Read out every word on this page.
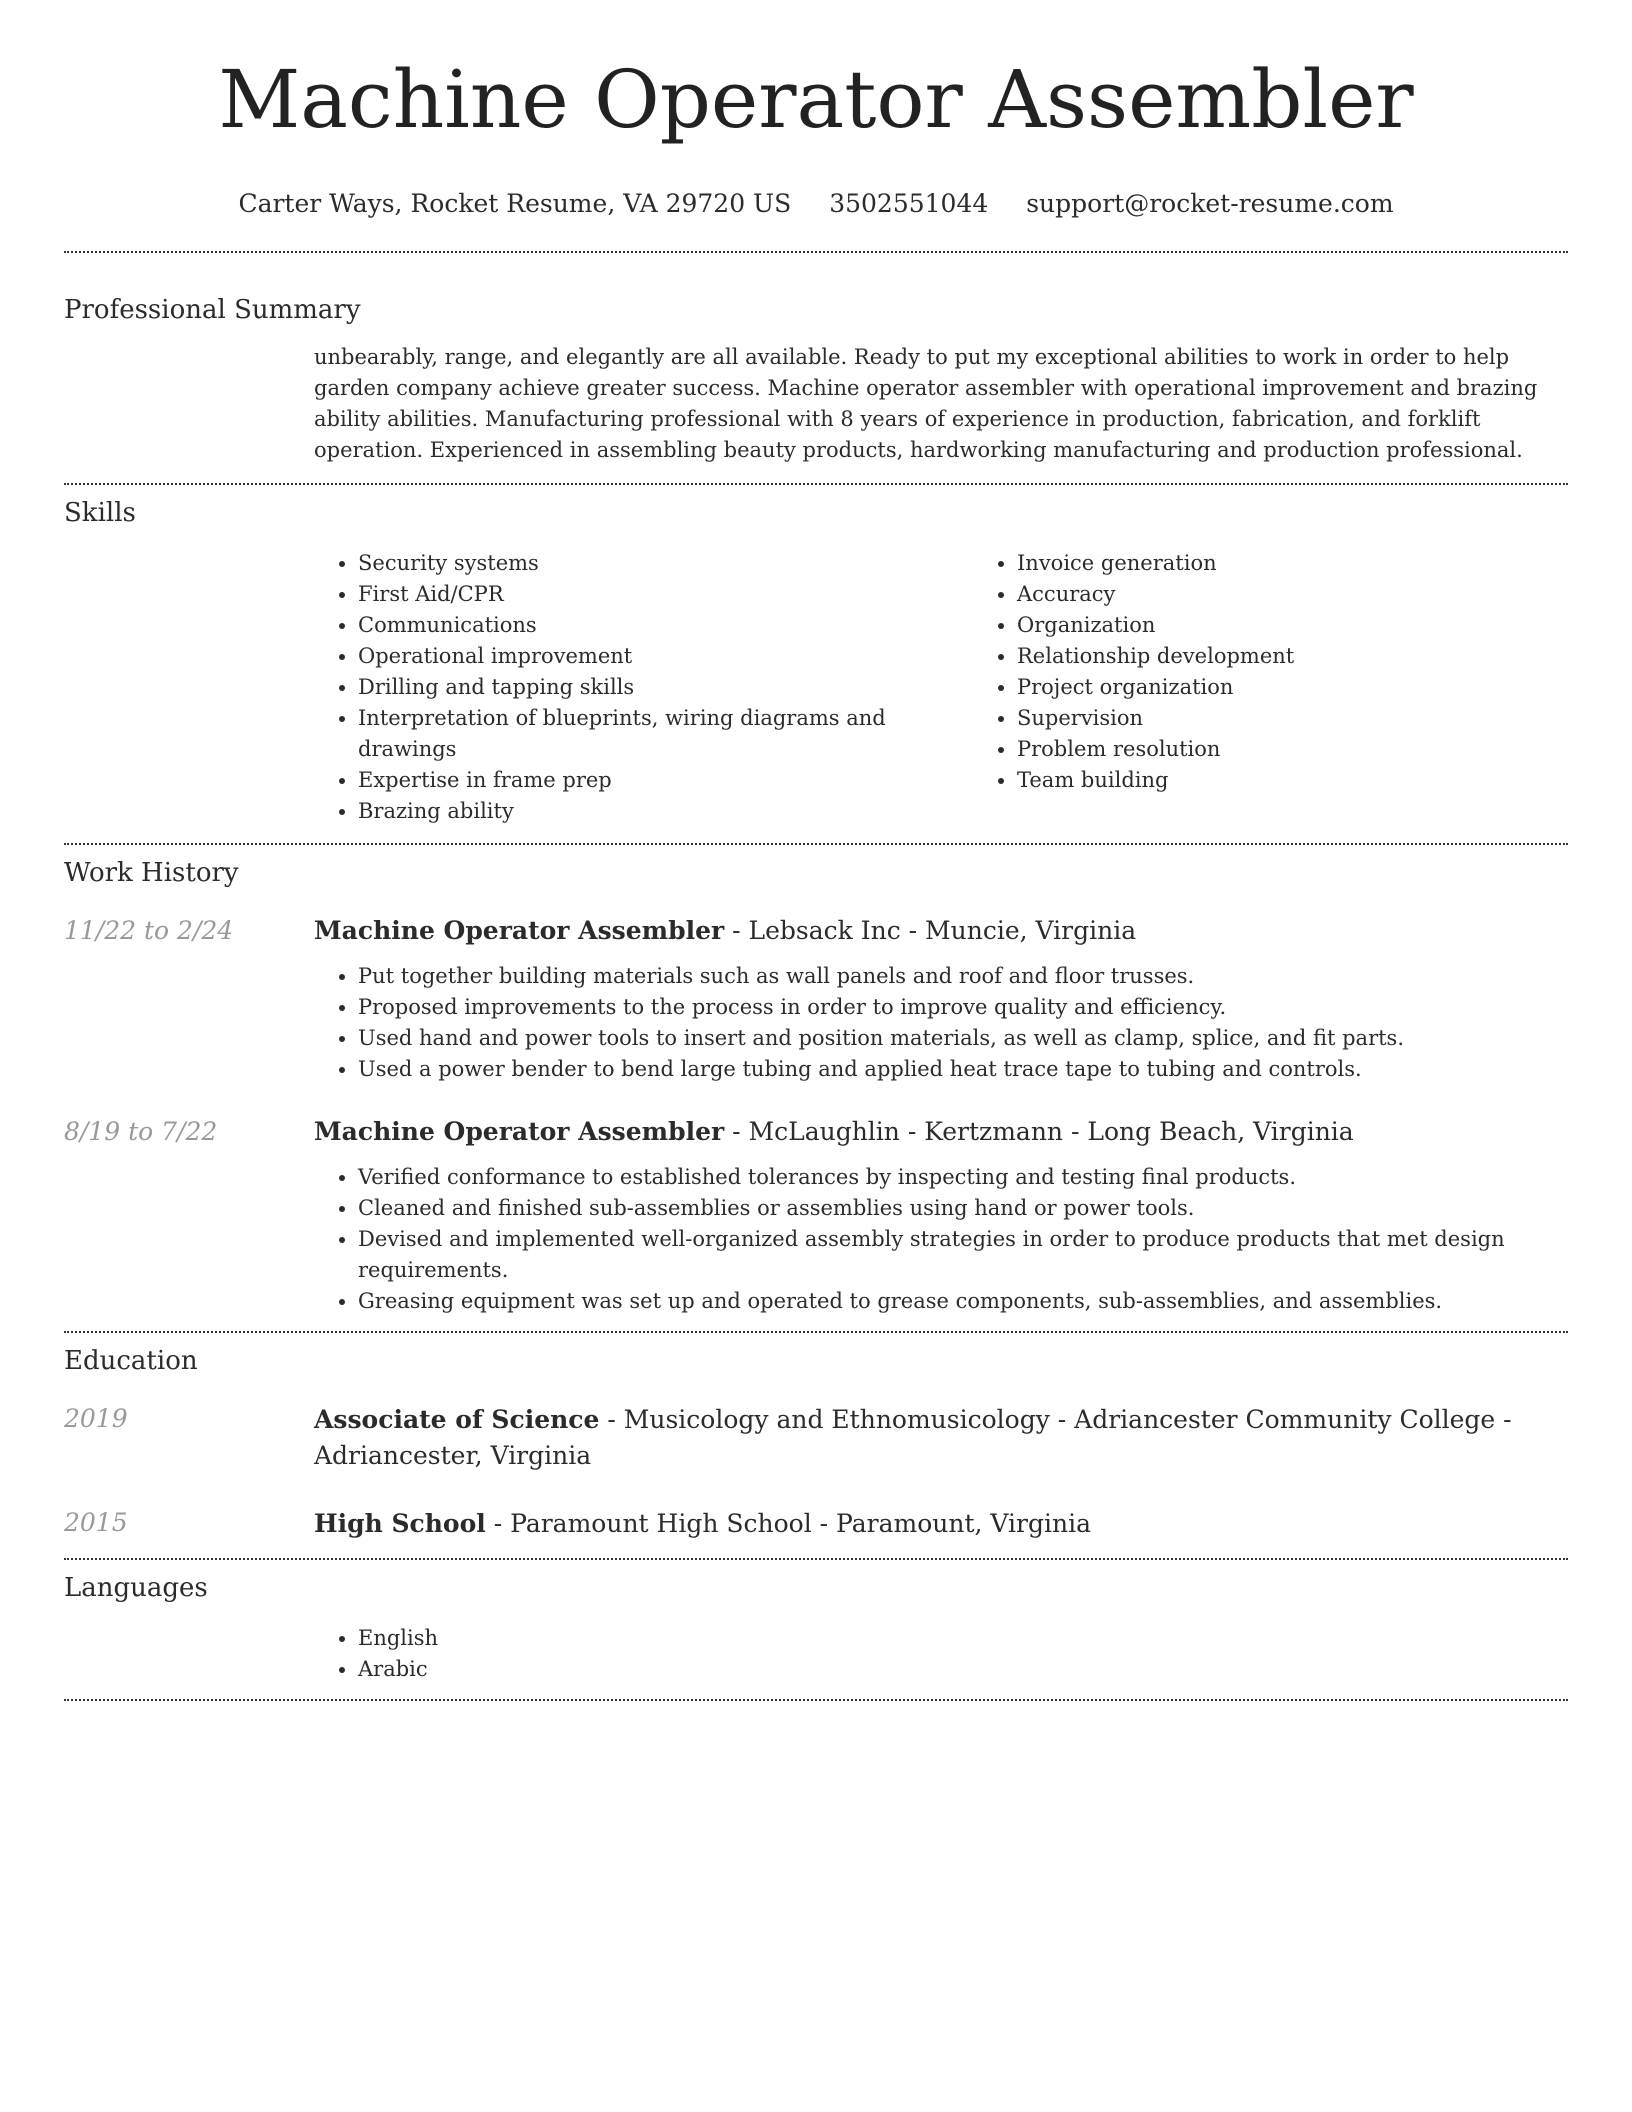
Machine Operator Assembler
Carter Ways, Rocket Resume, VA 29720 US 3502551044 support@rocket-resume.com
Professional Summary

unbearably, range, and elegantly are all available. Ready to put my exceptional abilities to work in order to help garden company achieve greater success. Machine operator assembler with operational improvement and brazing ability abilities. Manufacturing professional with 8 years of experience in production, fabrication, and forklift operation. Experienced in assembling beauty products, hardworking manufacturing and production professional.

Skills
• Security systems
• First Aid/CPR
• Communications
• Operational improvement
• Drilling and tapping skills
• Interpretation of blueprints, wiring diagrams and drawings
• Expertise in frame prep
• Brazing ability
• Invoice generation
• Accuracy
• Organization
• Relationship development
• Project organization
• Supervision
• Problem resolution
• Team building
Work History
11/22 to 2/24	Machine Operator Assembler - Lebsack Inc - Muncie, Virginia
• Put together building materials such as wall panels and roof and floor trusses.
• Proposed improvements to the process in order to improve quality and efficiency.
• Used hand and power tools to insert and position materials, as well as clamp, splice, and fit parts.
• Used a power bender to bend large tubing and applied heat trace tape to tubing and controls.
8/19 to 7/22	Machine Operator Assembler - McLaughlin - Kertzmann - Long Beach, Virginia
• Verified conformance to established tolerances by inspecting and testing final products.
• Cleaned and finished sub-assemblies or assemblies using hand or power tools.
• Devised and implemented well-organized assembly strategies in order to produce products that met design requirements.
• Greasing equipment was set up and operated to grease components, sub-assemblies, and assemblies.
Education
2019	Associate of Science - Musicology and Ethnomusicology - Adriancester Community College - Adriancester, Virginia
2015	High School - Paramount High School - Paramount, Virginia
Languages
• English
• Arabic
